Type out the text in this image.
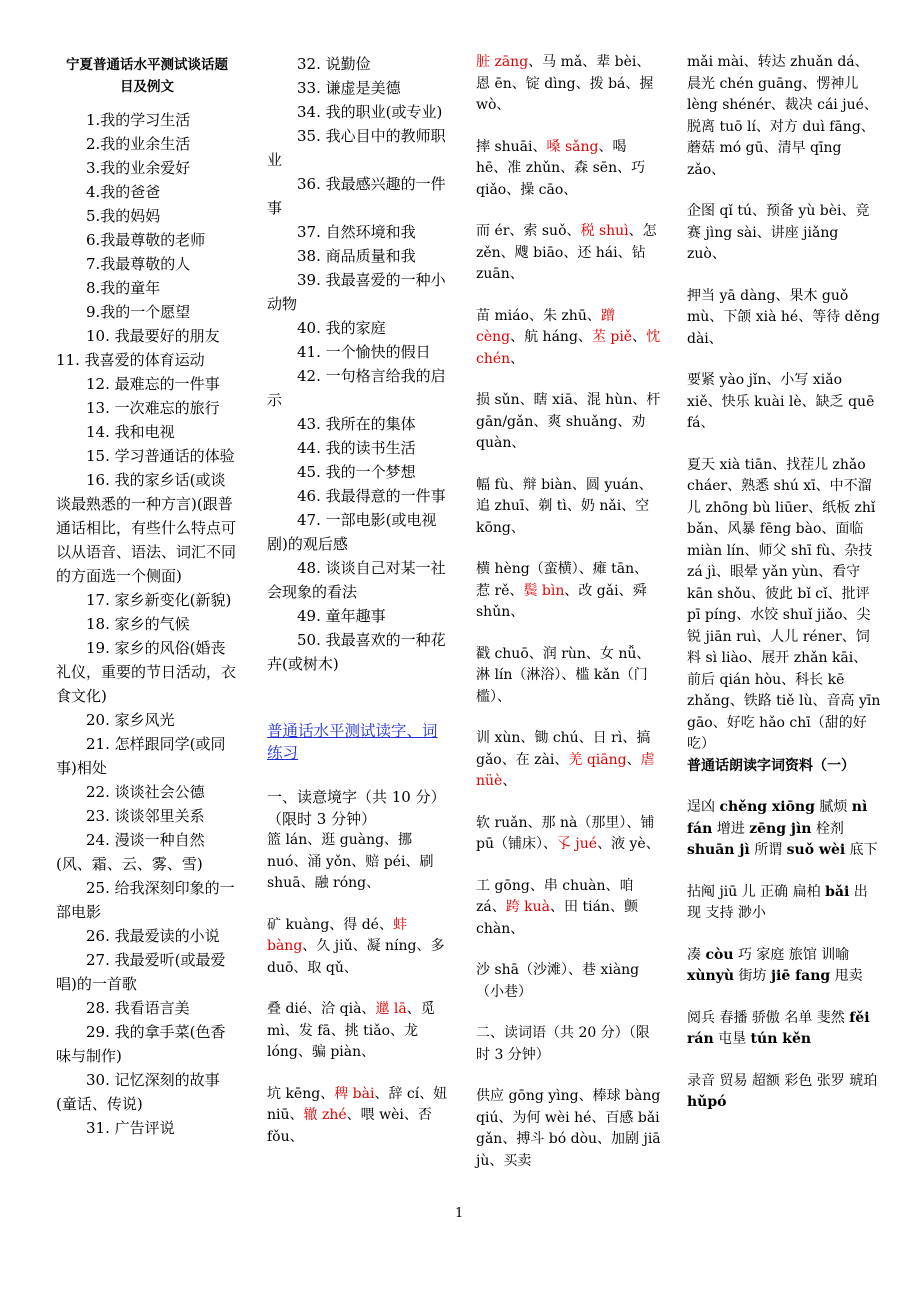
宁夏普通话水平测试谈话题
目及例文
1.我的学习生活
2.我的业余生活
3.我的业余爱好
4.我的爸爸
5.我的妈妈
6.我最尊敬的老师
7.我最尊敬的人
8.我的童年
9.我的一个愿望
10. 我最要好的朋友
11. 我喜爱的体育运动
12. 最难忘的一件事
13. 一次难忘的旅行
14. 我和电视
15. 学习普通话的体验
16. 我的家乡话(或谈谈最熟悉的一种方言)(跟普通话相比，有些什么特点可以从语音、语法、词汇不同的方面选一个侧面)
17. 家乡新变化(新貌)
18. 家乡的气候
19. 家乡的风俗(婚丧礼仪，重要的节日活动，衣食文化)
20. 家乡风光
21. 怎样跟同学(或同事)相处
22. 谈谈社会公德
23. 谈谈邻里关系
24. 漫谈一种自然(风、霜、云、雾、雪)
25. 给我深刻印象的一部电影
26. 我最爱读的小说
27. 我最爱听(或最爱唱)的一首歌
28. 我看语言美
29. 我的拿手菜(色香味与制作)
30. 记忆深刻的故事(童话、传说)
31. 广告评说
32. 说勤俭
33. 谦虚是美德
34. 我的职业(或专业)
35. 我心目中的教师职业
36. 我最感兴趣的一件事
37. 自然环境和我
38. 商品质量和我
39. 我最喜爱的一种小动物
40. 我的家庭
41. 一个愉快的假日
42. 一句格言给我的启示
43. 我所在的集体
44. 我的读书生活
45. 我的一个梦想
46. 我最得意的一件事
47. 一部电影(或电视剧)的观后感
48. 谈谈自己对某一社会现象的看法
49. 童年趣事
50. 我最喜欢的一种花卉(或树木)
普通话水平测试读字、词练习
一、读意境字（共 10 分）（限时 3 分钟）
篮 lán、逛 guàng、挪 nuó、涌 yǒn、赔 péi、刷 shuā、融 róng、
矿 kuàng、得 dé、蚌 bàng、久 jiǔ、凝 níng、多 duō、取 qǔ、
叠 dié、洽 qià、邋 lā、觅 mì、发 fā、挑 tiǎo、龙 lóng、骗 piàn、
坑 kēng、稗 bài、辞 cí、妞 niū、辙 zhé、喂 wèi、否 fǒu、
脏 zāng、马 mǎ、辈 bèi、恩 ēn、锭 dìng、拨 bá、握 wò、
摔 shuāi、嗓 sǎng、喝 hē、准 zhǔn、森 sēn、巧 qiǎo、操 cāo、
而 ér、索 suǒ、税 shuì、怎 zěn、飕 biāo、还 hái、钻 zuān、
苗 miáo、朱 zhū、蹭 cèng、航 háng、苤 piě、忱 chén、
损 sǔn、瞎 xiā、混 hùn、杆 gān/gǎn、爽 shuǎng、劝 quàn、
幅 fù、辩 biàn、圆 yuán、追 zhuī、剃 tì、奶 nǎi、空 kōng、
横 hèng（蛮横）、瘫 tān、惹 rě、鬓 bìn、改 gǎi、舜 shǔn、
戳 chuō、润 rùn、女 nǚ、淋 lín（淋浴）、槛 kǎn（门槛）、
训 xùn、锄 chú、日 rì、搞 gǎo、在 zài、羌 qiāng、虐 nüè、
软 ruǎn、那 nà（那里）、铺 pū（铺床）、孓 jué、液 yè、
工 gōng、串 chuàn、咱 zá、跨 kuà、田 tián、颤 chàn、
沙 shā（沙滩）、巷 xiàng（小巷）
二、读词语（共 20 分）（限时 3 分钟）
供应 gōng yìng、棒球 bàng qiú、为何 wèi hé、百感 bǎi gǎn、搏斗 bó dòu、加剧 jiā jù、买卖
mǎi mài、转达 zhuǎn dá、晨光 chén guāng、愣神儿 lèng shénér、裁决 cái jué、脱离 tuō lí、对方 duì fāng、蘑菇 mó gū、清早 qīng zǎo、
企图 qǐ tú、预备 yù bèi、竞赛 jìng sài、讲座 jiǎng zuò、
押当 yā dàng、果木 guǒ mù、下颌 xià hé、等待 děng dài、
要紧 yào jǐn、小写 xiǎo xiě、快乐 kuài lè、缺乏 quē fá、
夏天 xià tiān、找茬儿 zhǎo cháer、熟悉 shú xī、中不溜儿 zhōng bù liūer、纸板 zhǐ bǎn、风暴 fēng bào、面临 miàn lín、师父 shī fù、杂技 zá jì、眼晕 yǎn yùn、看守 kān shǒu、彼此 bǐ cǐ、批评 pī píng、水饺 shuǐ jiǎo、尖锐 jiān ruì、人儿 réner、饲料 sì liào、展开 zhǎn kāi、前后 qián hòu、科长 kē zhǎng、铁路 tiě lù、音高 yīn gāo、好吃 hǎo chī（甜的好吃）普通话朗读字词资料（一）
逞凶 chěng xiōng 腻烦 nì fán 增进 zēng jìn 栓剂 shuān jì 所谓 suǒ wèi 底下
拈阄 jiū 儿 正确 扁柏 bǎi 出现 支持 渺小
凑 còu 巧 家庭 旅馆 训喻 xùnyù 街坊 jiē fang 甩卖
阅兵 春播 骄傲 名单 斐然 fěi rán 屯垦 tún kěn
录音 贸易 超额 彩色 张罗 琥珀 hǔpó
1
